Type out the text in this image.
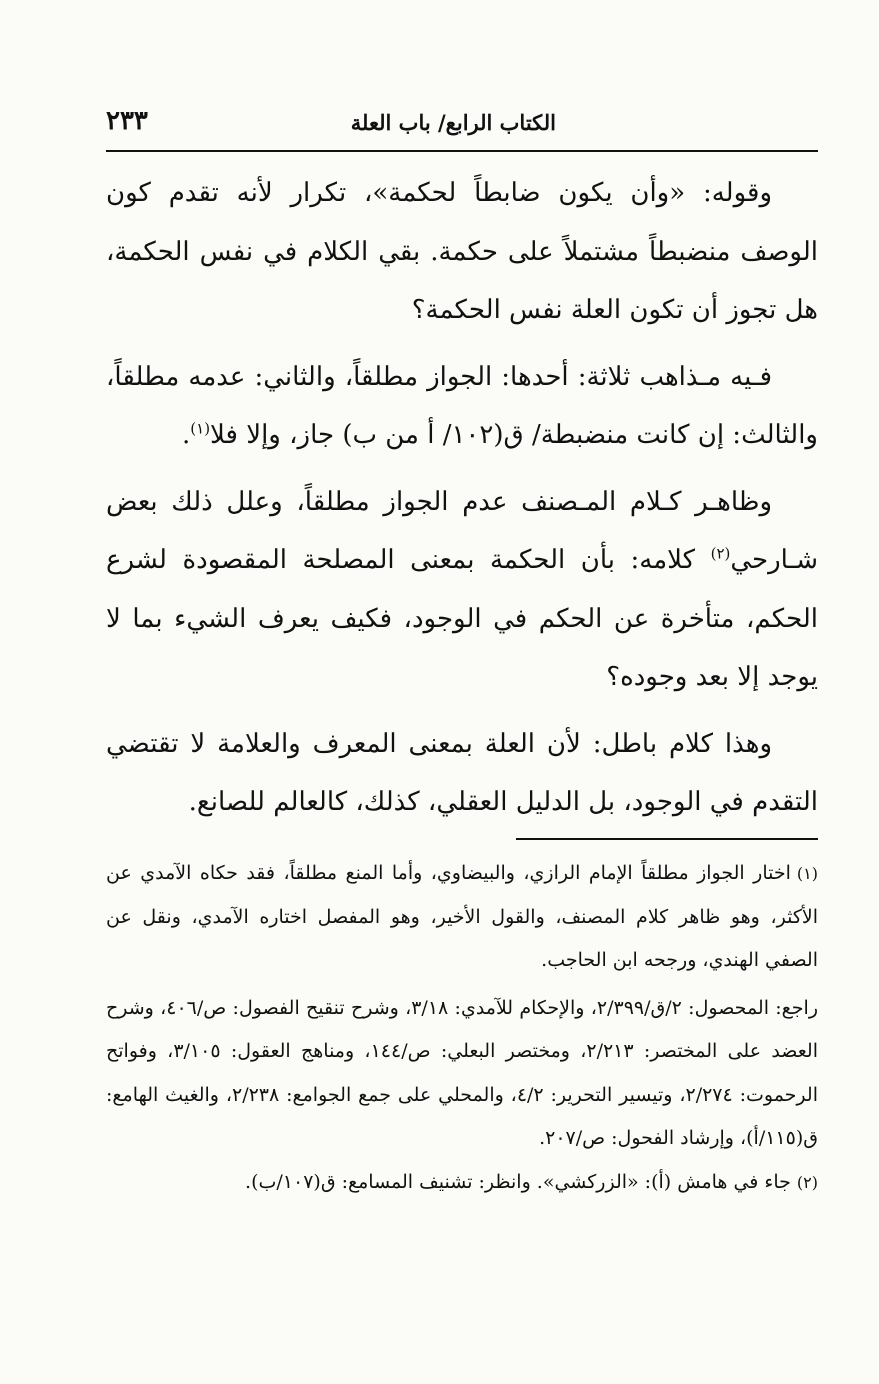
الكتاب الرابع/ باب العلة
٢٣٣

وقوله: «وأن يكون ضابطاً لحكمة»، تكرار لأنه تقدم كون الوصف منضبطاً مشتملاً على حكمة. بقي الكلام في نفس الحكمة، هل تجوز أن تكون العلة نفس الحكمة؟

فـيه مـذاهب ثلاثة: أحدها: الجواز مطلقاً، والثاني: عدمه مطلقاً، والثالث: إن كانت منضبطة/ ق(١٠٢/ أ من ب) جاز، وإلا فلا$^{(١)}$.

وظاهـر كـلام المـصنف عدم الجواز مطلقاً، وعلل ذلك بعض شـارحي$^{(٢)}$ كلامه: بأن الحكمة بمعنى المصلحة المقصودة لشرع الحكم، متأخرة عن الحكم في الوجود، فكيف يعرف الشيء بما لا يوجد إلا بعد وجوده؟

وهذا كلام باطل: لأن العلة بمعنى المعرف والعلامة لا تقتضي التقدم في الوجود، بل الدليل العقلي، كذلك، كالعالم للصانع.

(١)اختار الجواز مطلقاً الإمام الرازي، والبيضاوي، وأما المنع مطلقاً، فقد حكاه الآمدي عن الأكثر، وهو ظاهر كلام المصنف، والقول الأخير، وهو المفصل اختاره الآمدي، ونقل عن الصفي الهندي، ورجحه ابن الحاجب.

راجع: المحصول: ٢/ق/٢/٣٩٩، والإحكام للآمدي: ٣/١٨، وشرح تنقيح الفصول: ص/٤٠٦، وشرح العضد على المختصر: ٢/٢١٣، ومختصر البعلي: ص/١٤٤، ومناهج العقول: ٣/١٠٥، وفواتح الرحموت: ٢/٢٧٤، وتيسير التحرير: ٤/٢، والمحلي على جمع الجوامع: ٢/٢٣٨، والغيث الهامع: ق(١١٥/أ)، وإرشاد الفحول: ص/٢٠٧.

(٢)جاء في هامش (أ): «الزركشي». وانظر: تشنيف المسامع: ق(١٠٧/ب).
